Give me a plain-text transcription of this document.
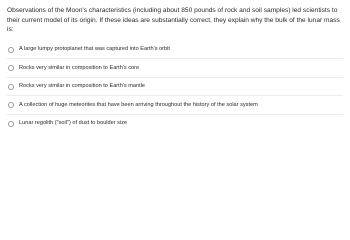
Observations of the Moon's characteristics (including about 850 pounds of rock and soil samples) led scientists to their current model of its origin. If these ideas are substantially correct, they explain why the bulk of the lunar mass is:

A large lumpy protoplanet that was captured into Earth's orbit
Rocks very similar in composition to Earth's core
Rocks very similar in composition to Earth's mantle
A collection of huge meteorites that have been arriving throughout the history of the solar system
Lunar regolith ("soil") of dust to boulder size
